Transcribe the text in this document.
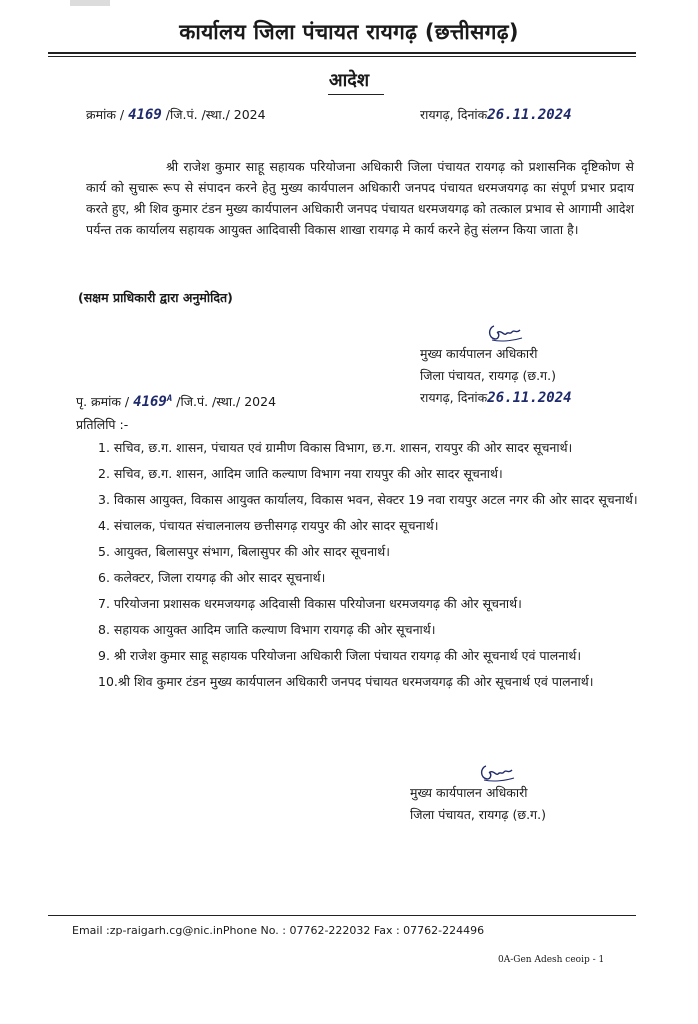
कार्यालय जिला पंचायत रायगढ़ (छत्तीसगढ़)
आदेश
क्रमांक / 4169 /जि.पं. /स्था./ 2024	रायगढ़, दिनांक26.11.2024
श्री राजेश कुमार साहू सहायक परियोजना अधिकारी जिला पंचायत रायगढ़ को प्रशासनिक दृष्टिकोण से कार्य को सुचारू रूप से संपादन करने हेतु मुख्य कार्यपालन अधिकारी जनपद पंचायत धरमजयगढ़ का संपूर्ण प्रभार प्रदाय करते हुए, श्री शिव कुमार टंडन मुख्य कार्यपालन अधिकारी जनपद पंचायत धरमजयगढ़ को तत्काल प्रभाव से आगामी आदेश पर्यन्त तक कार्यालय सहायक आयुक्त आदिवासी विकास शाखा रायगढ़ मे कार्य करने हेतु संलग्न किया जाता है।
(सक्षम प्राधिकारी द्वारा अनुमोदित)
मुख्य कार्यपालन अधिकारी
जिला पंचायत, रायगढ़ (छ.ग.)
रायगढ़, दिनांक26.11.2024
पृ. क्रमांक / $4169^A$ /जि.पं. /स्था./ 2024
प्रतिलिपि :-
1. सचिव, छ.ग. शासन, पंचायत एवं ग्रामीण विकास विभाग, छ.ग. शासन, रायपुर की ओर सादर सूचनार्थ।
2. सचिव, छ.ग. शासन, आदिम जाति कल्याण विभाग नया रायपुर की ओर सादर सूचनार्थ।
3. विकास आयुक्त, विकास आयुक्त कार्यालय, विकास भवन, सेक्टर 19 नवा रायपुर अटल नगर की ओर सादर सूचनार्थ।
4. संचालक, पंचायत संचालनालय छत्तीसगढ़ रायपुर की ओर सादर सूचनार्थ।
5. आयुक्त, बिलासपुर संभाग, बिलासुपर की ओर सादर सूचनार्थ।
6. कलेक्टर, जिला रायगढ़ की ओर सादर सूचनार्थ।
7. परियोजना प्रशासक धरमजयगढ़ अदिवासी विकास परियोजना धरमजयगढ़ की ओर सूचनार्थ।
8. सहायक आयुक्त आदिम जाति कल्याण विभाग रायगढ़ की ओर सूचनार्थ।
9. श्री राजेश कुमार साहू सहायक परियोजना अधिकारी जिला पंचायत रायगढ़ की ओर सूचनार्थ एवं पालनार्थ।
10.श्री शिव कुमार टंडन मुख्य कार्यपालन अधिकारी जनपद पंचायत धरमजयगढ़ की ओर सूचनार्थ एवं पालनार्थ।
मुख्य कार्यपालन अधिकारी
जिला पंचायत, रायगढ़ (छ.ग.)
Email :zp-raigarh.cg@nic.inPhone No. : 07762-222032 Fax : 07762-224496
0A-Gen Adesh ceoip - 1
